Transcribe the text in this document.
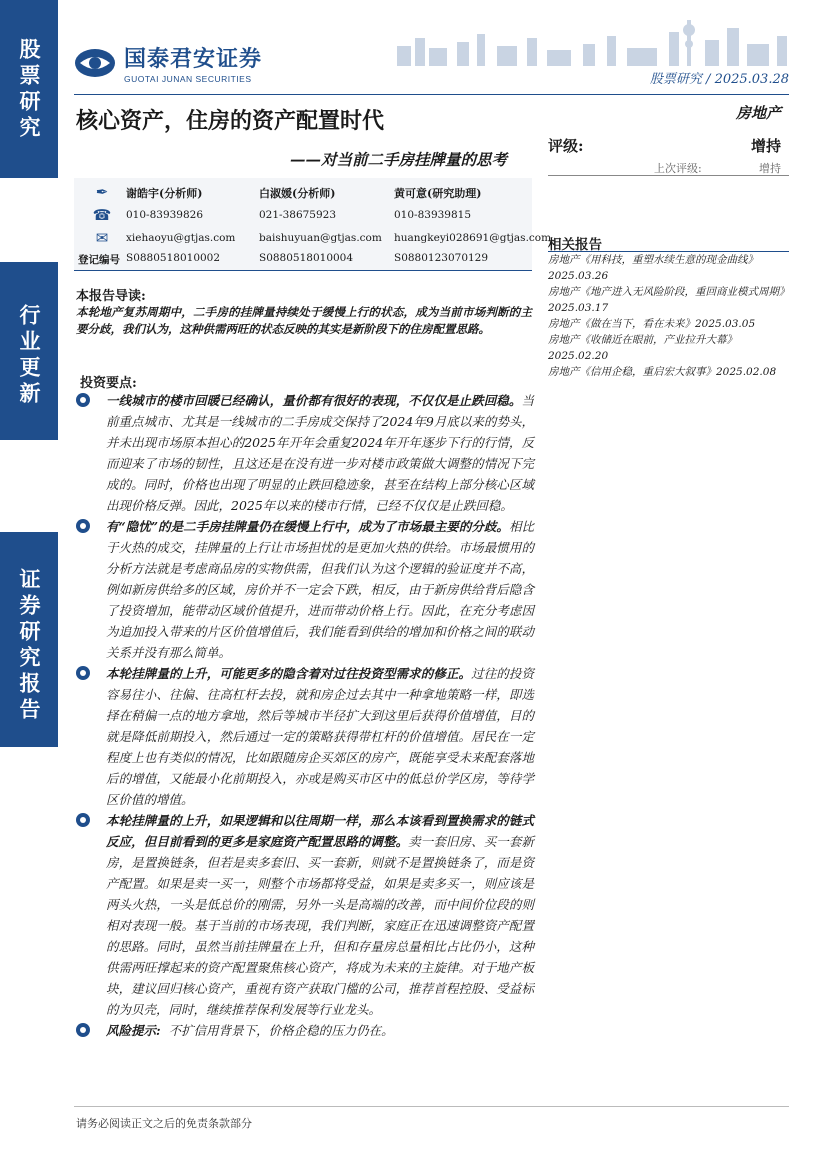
股票研究
行业更新
证券研究报告
国泰君安证券
GUOTAI JUNAN SECURITIES	股票研究 / 2025.03.28
核心资产，住房的资产配置时代
——对当前二手房挂牌量的思考
房地产
评级:	增持
上次评级:	增持
✒	谢皓宇(分析师)	白淑媛(分析师)	黄可意(研究助理)
☎ 010-83939826	021-38675923	010-83939815
✉	xiehaoyu@gtjas.com baishuyuan@gtjas.com huangkeyi028691@gtjas.com
登记编号 S0880518010002	S0880518010004	S0880123070129
相关报告
房地产《用科技，重塑水续生意的现金曲线》2025.03.26
房地产《地产进入无风险阶段，重回商业模式周期》2025.03.17
房地产《做在当下，看在未来》2025.03.05
房地产《收储近在眼前，产业拉升大幕》2025.02.20
房地产《信用企稳，重启宏大叙事》2025.02.08
本报告导读:
本轮地产复苏周期中，二手房的挂牌量持续处于缓慢上行的状态，成为当前市场判断的主要分歧，我们认为，这种供需两旺的状态反映的其实是新阶段下的住房配置思路。
投资要点:
一线城市的楼市回暖已经确认，量价都有很好的表现，不仅仅是止跌回稳。当前重点城市、尤其是一线城市的二手房成交保持了2024年9月底以来的势头，并未出现市场原本担心的2025年开年会重复2024年开年逐步下行的行情，反而迎来了市场的韧性，且这还是在没有进一步对楼市政策做大调整的情况下完成的。同时，价格也出现了明显的止跌回稳迹象，甚至在结构上部分核心区域出现价格反弹。因此，2025年以来的楼市行情，已经不仅仅是止跌回稳。
有“隐忧”的是二手房挂牌量仍在缓慢上行中，成为了市场最主要的分歧。相比于火热的成交，挂牌量的上行让市场担忧的是更加火热的供给。市场最惯用的分析方法就是考虑商品房的实物供需，但我们认为这个逻辑的验证度并不高，例如新房供给多的区域，房价并不一定会下跌，相反，由于新房供给背后隐含了投资增加，能带动区域价值提升，进而带动价格上行。因此，在充分考虑因为追加投入带来的片区价值增值后，我们能看到供给的增加和价格之间的联动关系并没有那么简单。
本轮挂牌量的上升，可能更多的隐含着对过往投资型需求的修正。过往的投资容易往小、往偏、往高杠杆去投，就和房企过去其中一种拿地策略一样，即选择在稍偏一点的地方拿地，然后等城市半径扩大到这里后获得价值增值，目的就是降低前期投入，然后通过一定的策略获得带杠杆的价值增值。居民在一定程度上也有类似的情况，比如跟随房企买郊区的房产，既能享受未来配套落地后的增值，又能最小化前期投入，亦或是购买市区中的低总价学区房，等待学区价值的增值。
本轮挂牌量的上升，如果逻辑和以往周期一样，那么本该看到置换需求的链式反应，但目前看到的更多是家庭资产配置思路的调整。卖一套旧房、买一套新房，是置换链条，但若是卖多套旧、买一套新，则就不是置换链条了，而是资产配置。如果是卖一买一，则整个市场都将受益，如果是卖多买一，则应该是两头火热，一头是低总价的刚需，另外一头是高端的改善，而中间价位段的则相对表现一般。基于当前的市场表现，我们判断，家庭正在迅速调整资产配置的思路。同时，虽然当前挂牌量在上升，但和存量房总量相比占比仍小，这种供需两旺撑起来的资产配置聚焦核心资产，将成为未来的主旋律。对于地产板块，建议回归核心资产，重视有资产获取门槛的公司，推荐首程控股、受益标的为贝壳，同时，继续推荐保利发展等行业龙头。
风险提示: 不扩信用背景下，价格企稳的压力仍在。
请务必阅读正文之后的免责条款部分
